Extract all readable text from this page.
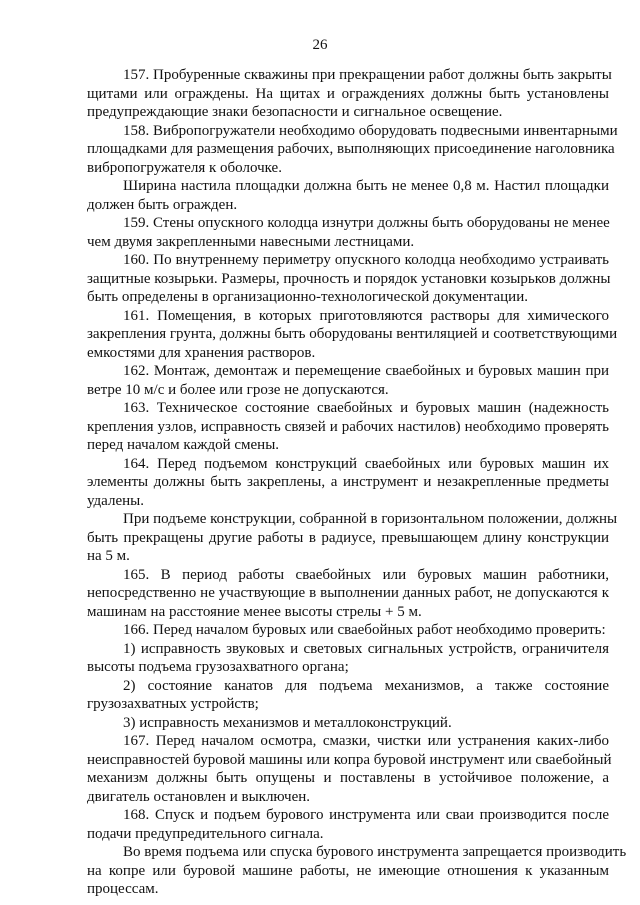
26
157. Пробуренные скважины при прекращении работ должны быть закрыты
щитами или ограждены. На щитах и ограждениях должны быть установлены
предупреждающие знаки безопасности и сигнальное освещение.
158. Вибропогружатели необходимо оборудовать подвесными инвентарными
площадками для размещения рабочих, выполняющих присоединение наголовника
вибропогружателя к оболочке.
Ширина настила площадки должна быть не менее 0,8 м. Настил площадки
должен быть огражден.
159. Стены опускного колодца изнутри должны быть оборудованы не менее
чем двумя закрепленными навесными лестницами.
160. По внутреннему периметру опускного колодца необходимо устраивать
защитные козырьки. Размеры, прочность и порядок установки козырьков должны
быть определены в организационно-технологической документации.
161. Помещения, в которых приготовляются растворы для химического
закрепления грунта, должны быть оборудованы вентиляцией и соответствующими
емкостями для хранения растворов.
162. Монтаж, демонтаж и перемещение сваебойных и буровых машин при
ветре 10 м/с и более или грозе не допускаются.
163. Техническое состояние сваебойных и буровых машин (надежность
крепления узлов, исправность связей и рабочих настилов) необходимо проверять
перед началом каждой смены.
164. Перед подъемом конструкций сваебойных или буровых машин их
элементы должны быть закреплены, а инструмент и незакрепленные предметы
удалены.
При подъеме конструкции, собранной в горизонтальном положении, должны
быть прекращены другие работы в радиусе, превышающем длину конструкции
на 5 м.
165. В период работы сваебойных или буровых машин работники,
непосредственно не участвующие в выполнении данных работ, не допускаются к
машинам на расстояние менее высоты стрелы + 5 м.
166. Перед началом буровых или сваебойных работ необходимо проверить:
1) исправность звуковых и световых сигнальных устройств, ограничителя
высоты подъема грузозахватного органа;
2) состояние канатов для подъема механизмов, а также состояние
грузозахватных устройств;
3) исправность механизмов и металлоконструкций.
167. Перед началом осмотра, смазки, чистки или устранения каких-либо
неисправностей буровой машины или копра буровой инструмент или сваебойный
механизм должны быть опущены и поставлены в устойчивое положение, а
двигатель остановлен и выключен.
168. Спуск и подъем бурового инструмента или сваи производится после
подачи предупредительного сигнала.
Во время подъема или спуска бурового инструмента запрещается производить
на копре или буровой машине работы, не имеющие отношения к указанным
процессам.
